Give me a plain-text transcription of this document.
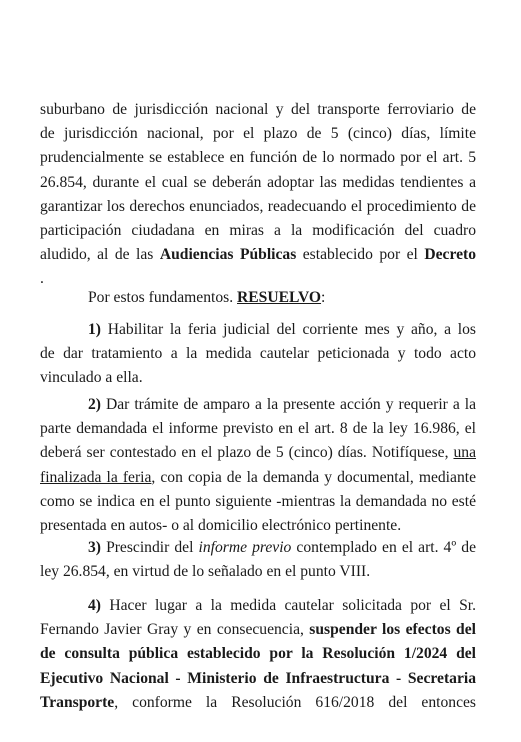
suburbano de jurisdicción nacional y del transporte ferroviario de
de jurisdicción nacional, por el plazo de 5 (cinco) días, límite
prudencialmente se establece en función de lo normado por el art. 5
26.854, durante el cual se deberán adoptar las medidas tendientes a
garantizar los derechos enunciados, readecuando el procedimiento de
participación ciudadana en miras a la modificación del cuadro
aludido, al de las Audiencias Públicas establecido por el Decreto
.
Por estos fundamentos. RESUELVO:
1) Habilitar la feria judicial del corriente mes y año, a los
de dar tratamiento a la medida cautelar peticionada y todo acto
vinculado a ella.
2) Dar trámite de amparo a la presente acción y requerir a la
parte demandada el informe previsto en el art. 8 de la ley 16.986, el
deberá ser contestado en el plazo de 5 (cinco) días. Notifíquese, una
finalizada la feria, con copia de la demanda y documental, mediante
como se indica en el punto siguiente -mientras la demandada no esté
presentada en autos- o al domicilio electrónico pertinente.
3) Prescindir del informe previo contemplado en el art. 4º de
ley 26.854, en virtud de lo señalado en el punto VIII.
4) Hacer lugar a la medida cautelar solicitada por el Sr.
Fernando Javier Gray y en consecuencia, suspender los efectos del
de consulta pública establecido por la Resolución 1/2024 del
Ejecutivo Nacional - Ministerio de Infraestructura - Secretaria
Transporte, conforme la Resolución 616/2018 del entonces
